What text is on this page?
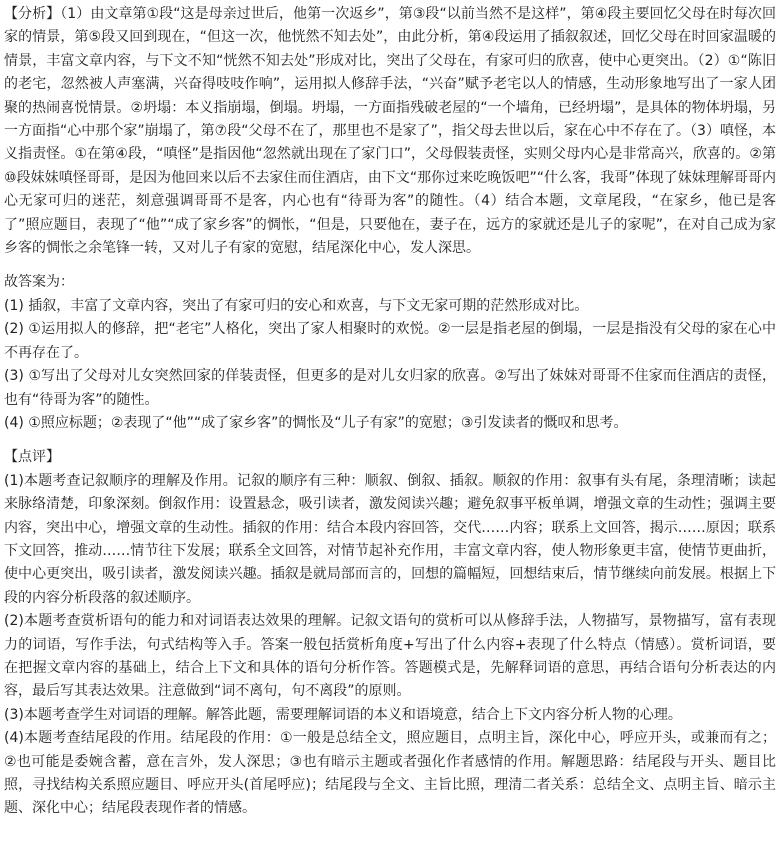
【分析】（1）由文章第①段“这是母亲过世后，他第一次返乡”，第③段“以前当然不是这样”，第④段主要回忆父母在时每次回家的情景，第⑤段又回到现在，“但这一次，他恍然不知去处”，由此分析，第④段运用了插叙叙述，回忆父母在时回家温暖的情景，丰富文章内容，与下文不知“恍然不知去处”形成对比，突出了父母在，有家可归的欣喜，使中心更突出。（2）①“陈旧的老宅，忽然被人声塞满，兴奋得吱吱作响”，运用拟人修辞手法，“兴奋”赋予老宅以人的情感，生动形象地写出了一家人团聚的热闹喜悦情景。②坍塌：本义指崩塌，倒塌。坍塌，一方面指残破老屋的“一个墙角，已经坍塌”，是具体的物体坍塌，另一方面指“心中那个家”崩塌了，第⑦段“父母不在了，那里也不是家了”，指父母去世以后，家在心中不存在了。（3）嗔怪，本义指责怪。①在第④段，“嗔怪”是指因他“忽然就出现在了家门口”，父母假装责怪，实则父母内心是非常高兴，欣喜的。②第⑩段妹妹嗔怪哥哥，是因为他回来以后不去家住而住酒店，由下文“那你过来吃晚饭吧”“什么客，我哥”体现了妹妹理解哥哥内心无家可归的迷茫，刻意强调哥哥不是客，内心也有“待哥为客”的随性。（4）结合本题，文章尾段，“在家乡，他已是客了”照应题目，表现了“他”“成了家乡客”的惆怅，“但是，只要他在，妻子在，远方的家就还是儿子的家呢”，在对自己成为家乡客的惆怅之余笔锋一转，又对儿子有家的宽慰，结尾深化中心，发人深思。

故答案为：

(1) 插叙，丰富了文章内容，突出了有家可归的安心和欢喜，与下文无家可期的茫然形成对比。

(2) ①运用拟人的修辞，把“老宅”人格化，突出了家人相聚时的欢悦。②一层是指老屋的倒塌，一层是指没有父母的家在心中不再存在了。

(3) ①写出了父母对儿女突然回家的佯装责怪，但更多的是对儿女归家的欣喜。②写出了妹妹对哥哥不住家而住酒店的责怪，也有“待哥为客”的随性。

(4) ①照应标题；②表现了“他”“成了家乡客”的惆怅及“儿子有家”的宽慰；③引发读者的慨叹和思考。

【点评】

(1)本题考查记叙顺序的理解及作用。记叙的顺序有三种：顺叙、倒叙、插叙。顺叙的作用：叙事有头有尾，条理清晰；读起来脉络清楚，印象深刻。倒叙作用：设置悬念，吸引读者，激发阅读兴趣；避免叙事平板单调，增强文章的生动性；强调主要内容，突出中心，增强文章的生动性。插叙的作用：结合本段内容回答，交代……内容；联系上文回答，揭示……原因；联系下文回答，推动……情节往下发展；联系全文回答，对情节起补充作用，丰富文章内容，使人物形象更丰富，使情节更曲折，使中心更突出，吸引读者，激发阅读兴趣。插叙是就局部而言的，回想的篇幅短，回想结束后，情节继续向前发展。根据上下段的内容分析段落的叙述顺序。

(2)本题考查赏析语句的能力和对词语表达效果的理解。记叙文语句的赏析可以从修辞手法，人物描写，景物描写，富有表现力的词语，写作手法，句式结构等入手。答案一般包括赏析角度+写出了什么内容+表现了什么特点（情感）。赏析词语，要在把握文章内容的基础上，结合上下文和具体的语句分析作答。答题模式是，先解释词语的意思，再结合语句分析表达的内容，最后写其表达效果。注意做到“词不离句，句不离段”的原则。

(3)本题考查学生对词语的理解。解答此题，需要理解词语的本义和语境意，结合上下文内容分析人物的心理。

(4)本题考查结尾段的作用。结尾段的作用：①一般是总结全文，照应题目，点明主旨，深化中心，呼应开头，或兼而有之；②也可能是委婉含蓄，意在言外，发人深思；③也有暗示主题或者强化作者感情的作用。解题思路：结尾段与开头、题目比照，寻找结构关系照应题目、呼应开头(首尾呼应)；结尾段与全文、主旨比照，理清二者关系：总结全文、点明主旨、暗示主题、深化中心；结尾段表现作者的情感。
